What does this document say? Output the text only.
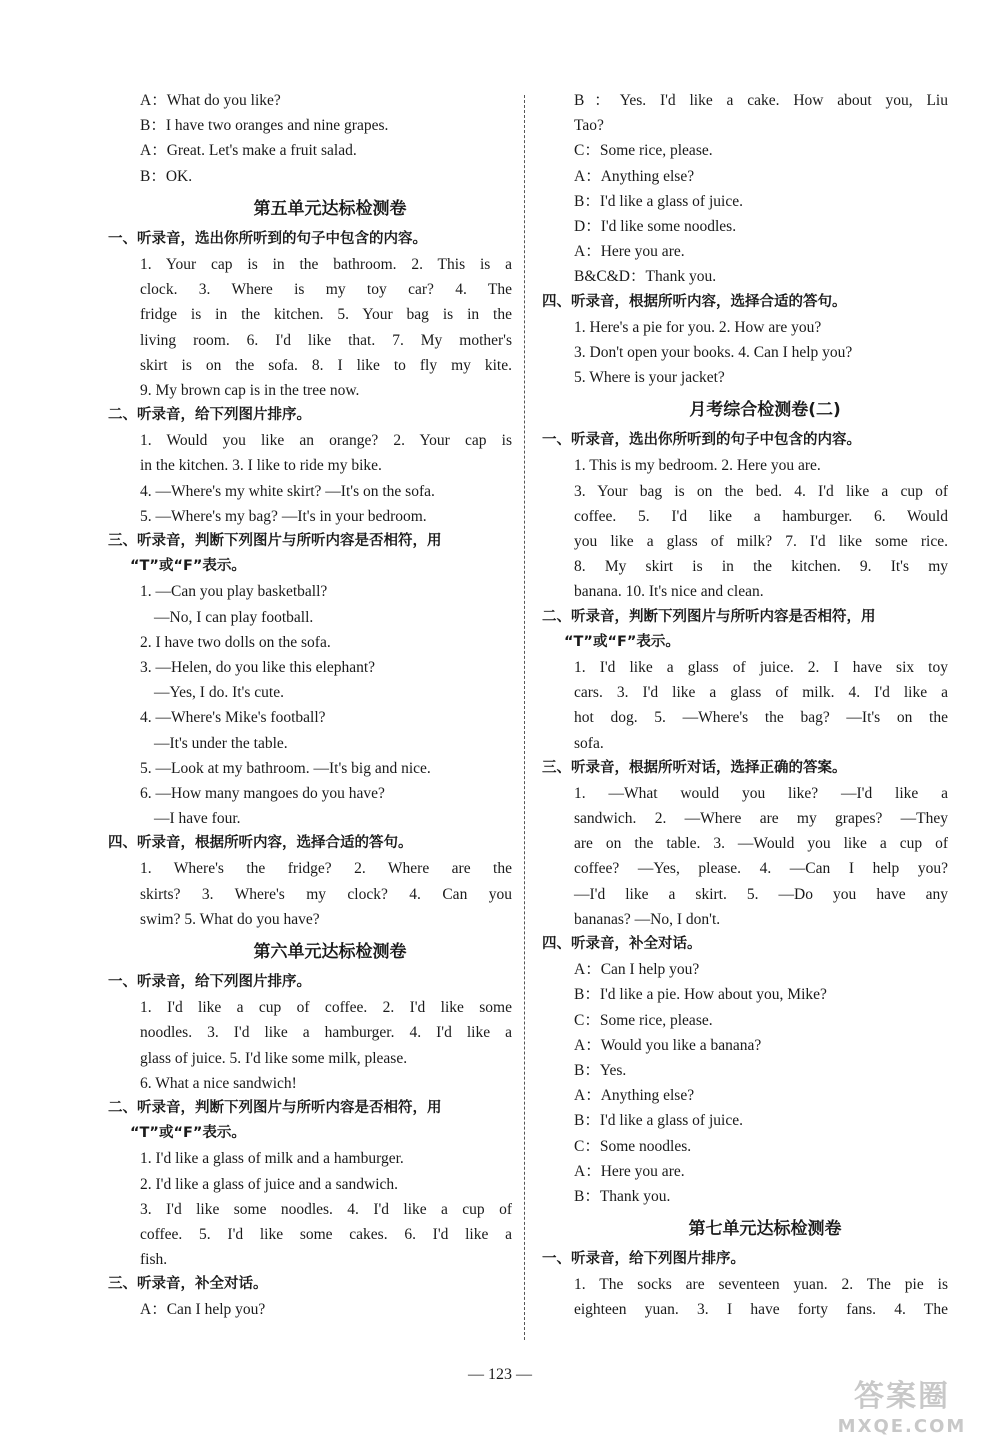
A：What do you like?
B：I have two oranges and nine grapes.
A：Great. Let's make a fruit salad.
B：OK.
第五单元达标检测卷
一、听录音，选出你所听到的句子中包含的内容。
1. Your cap is in the bathroom. 2. This is a
clock. 3. Where is my toy car? 4. The
fridge is in the kitchen. 5. Your bag is in the
living room. 6. I'd like that. 7. My mother's
skirt is on the sofa. 8. I like to fly my kite.
9. My brown cap is in the tree now.
二、听录音，给下列图片排序。
1. Would you like an orange? 2. Your cap is
in the kitchen. 3. I like to ride my bike.
4. —Where's my white skirt? —It's on the sofa.
5. —Where's my bag? —It's in your bedroom.
三、听录音，判断下列图片与所听内容是否相符，用
“T”或“F”表示。
1. —Can you play basketball?
—No, I can play football.
2. I have two dolls on the sofa.
3. —Helen, do you like this elephant?
—Yes, I do. It's cute.
4. —Where's Mike's football?
—It's under the table.
5. —Look at my bathroom. —It's big and nice.
6. —How many mangoes do you have?
—I have four.
四、听录音，根据所听内容，选择合适的答句。
1. Where's the fridge? 2. Where are the
skirts? 3. Where's my clock? 4. Can you
swim? 5. What do you have?
第六单元达标检测卷
一、听录音，给下列图片排序。
1. I'd like a cup of coffee. 2. I'd like some
noodles. 3. I'd like a hamburger. 4. I'd like a
glass of juice. 5. I'd like some milk, please.
6. What a nice sandwich!
二、听录音，判断下列图片与所听内容是否相符，用
“T”或“F”表示。
1. I'd like a glass of milk and a hamburger.
2. I'd like a glass of juice and a sandwich.
3. I'd like some noodles. 4. I'd like a cup of
coffee. 5. I'd like some cakes. 6. I'd like a
fish.
三、听录音，补全对话。
A：Can I help you?
B：Yes. I'd like a cake. How about you, Liu
Tao?
C：Some rice, please.
A：Anything else?
B：I'd like a glass of juice.
D：I'd like some noodles.
A：Here you are.
B&C&D：Thank you.
四、听录音，根据所听内容，选择合适的答句。
1. Here's a pie for you. 2. How are you?
3. Don't open your books. 4. Can I help you?
5. Where is your jacket?
月考综合检测卷(二)
一、听录音，选出你所听到的句子中包含的内容。
1. This is my bedroom. 2. Here you are.
3. Your bag is on the bed. 4. I'd like a cup of
coffee. 5. I'd like a hamburger. 6. Would
you like a glass of milk? 7. I'd like some rice.
8. My skirt is in the kitchen. 9. It's my
banana. 10. It's nice and clean.
二、听录音，判断下列图片与所听内容是否相符，用
“T”或“F”表示。
1. I'd like a glass of juice. 2. I have six toy
cars. 3. I'd like a glass of milk. 4. I'd like a
hot dog. 5. —Where's the bag? —It's on the
sofa.
三、听录音，根据所听对话，选择正确的答案。
1. —What would you like? —I'd like a
sandwich. 2. —Where are my grapes? —They
are on the table. 3. —Would you like a cup of
coffee? —Yes, please. 4. —Can I help you?
—I'd like a skirt. 5. —Do you have any
bananas? —No, I don't.
四、听录音，补全对话。
A：Can I help you?
B：I'd like a pie. How about you, Mike?
C：Some rice, please.
A：Would you like a banana?
B：Yes.
A：Anything else?
B：I'd like a glass of juice.
C：Some noodles.
A：Here you are.
B：Thank you.
第七单元达标检测卷
一、听录音，给下列图片排序。
1. The socks are seventeen yuan. 2. The pie is
eighteen yuan. 3. I have forty fans. 4. The
— 123 —
答案圈
MXQE.COM
